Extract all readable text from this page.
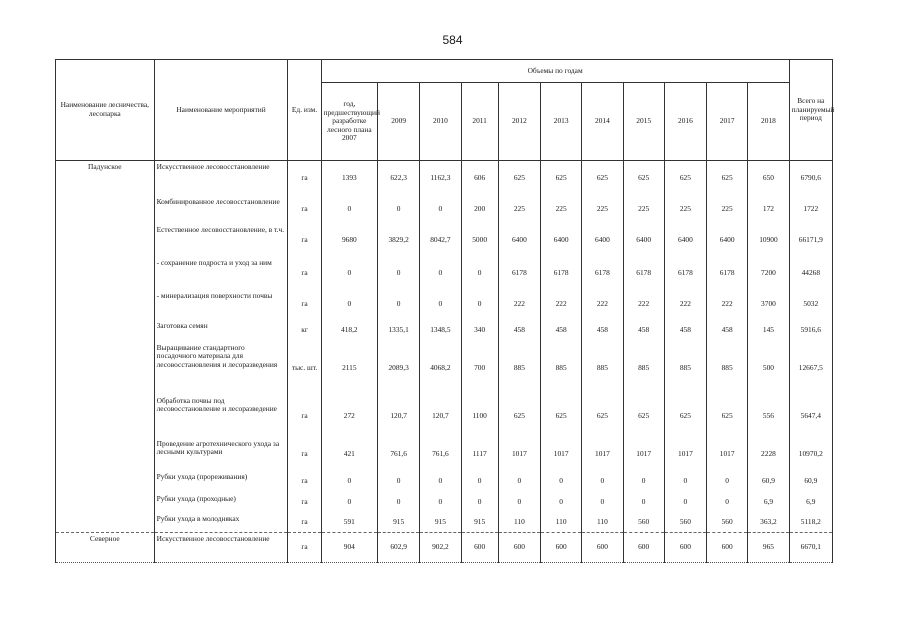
584
Наименование лесничества, лесопарка	Наименование мероприятий	Ед. изм.	Объемы по годам											Всего на планируемый период
			год, предшествующий разработке лесного плана 2007	2009	2010	2011	2012	2013	2014	2015	2016	2017	2018	
Падунское	Искусственное лесовосстановление	га	1393	622,3	1162,3	606	625	625	625	625	625	625	650	6790,6
	Комбинированное лесовосстановление	га	0	0	0	200	225	225	225	225	225	225	172	1722
	Естественное лесовосстановление, в т.ч.	га	9680	3829,2	8042,7	5000	6400	6400	6400	6400	6400	6400	10900	66171,9
	- сохранение подроста и уход за ним	га	0	0	0	0	6178	6178	6178	6178	6178	6178	7200	44268
	- минерализация поверхности почвы	га	0	0	0	0	222	222	222	222	222	222	3700	5032
	Заготовка семян	кг	418,2	1335,1	1348,5	340	458	458	458	458	458	458	145	5916,6
	Выращивание стандартного посадочного материала для лесовосстановления и лесоразведения	тыс. шт.	2115	2089,3	4068,2	700	885	885	885	885	885	885	500	12667,5
	Обработка почвы под лесовосстановление и лесоразведение	га	272	120,7	120,7	1100	625	625	625	625	625	625	556	5647,4
	Проведение агротехнического ухода за лесными культурами	га	421	761,6	761,6	1117	1017	1017	1017	1017	1017	1017	2228	10970,2
	Рубки ухода (прореживания)	га	0	0	0	0	0	0	0	0	0	0	60,9	60,9
	Рубки ухода (проходные)	га	0	0	0	0	0	0	0	0	0	0	6,9	6,9
	Рубки ухода в молодняках	га	591	915	915	915	110	110	110	560	560	560	363,2	5118,2
Северное	Искусственное лесовосстановление	га	904	602,9	902,2	600	600	600	600	600	600	600	965	6670,1
